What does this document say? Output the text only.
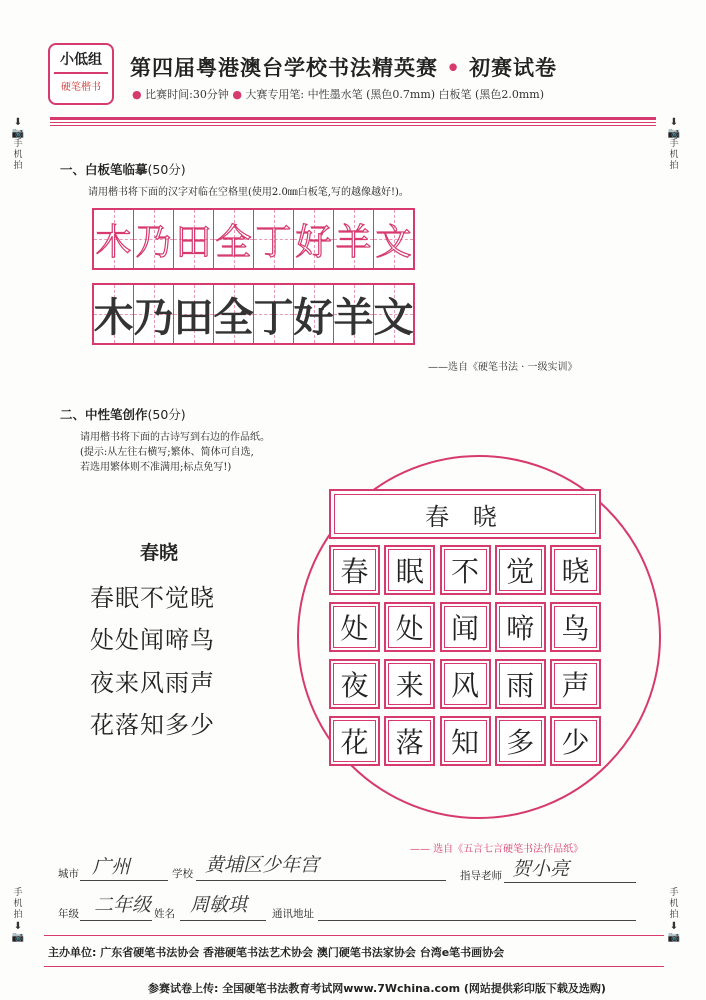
小低组
硬笔楷书
第四届粤港澳台学校书法精英赛 • 初赛试卷
● 比赛时间:30分钟 ● 大赛专用笔: 中性墨水笔 (黑色0.7mm) 白板笔 (黑色2.0mm)
⬇📷
手机拍
⬇📷
手机拍
手机拍
⬇📷
手机拍
⬇📷
一、白板笔临摹(50分)
请用楷书将下面的汉字对临在空格里(使用2.0㎜白板笔,写的越像越好!)。
木 乃 田 全 丁 好 羊 文
木 乃 田 全 丁 好 羊 文
——选自《硬笔书法 · 一级实训》
二、中性笔创作(50分)
请用楷书将下面的古诗写到右边的作品纸。
(提示:从左往右横写;繁体、简体可自选,
若选用繁体则不准满用;标点免写!)
春晓
春眠不觉晓
处处闻啼鸟
夜来风雨声
花落知多少
春 晓
春 眠 不 觉 晓
处 处 闻 啼 鸟
夜 来 风 雨 声
花 落 知 多 少
—— 选自《五言七言硬笔书法作品纸》
城市 广州	学校 黄埔区少年宫	指导老师 贺小亮
年级 二年级 姓名 周敏琪 通讯地址
主办单位: 广东省硬笔书法协会 香港硬笔书法艺术协会 澳门硬笔书法家协会 台湾e笔书画协会
参赛试卷上传: 全国硬笔书法教育考试网www.7Wchina.com (网站提供彩印版下载及选购)
